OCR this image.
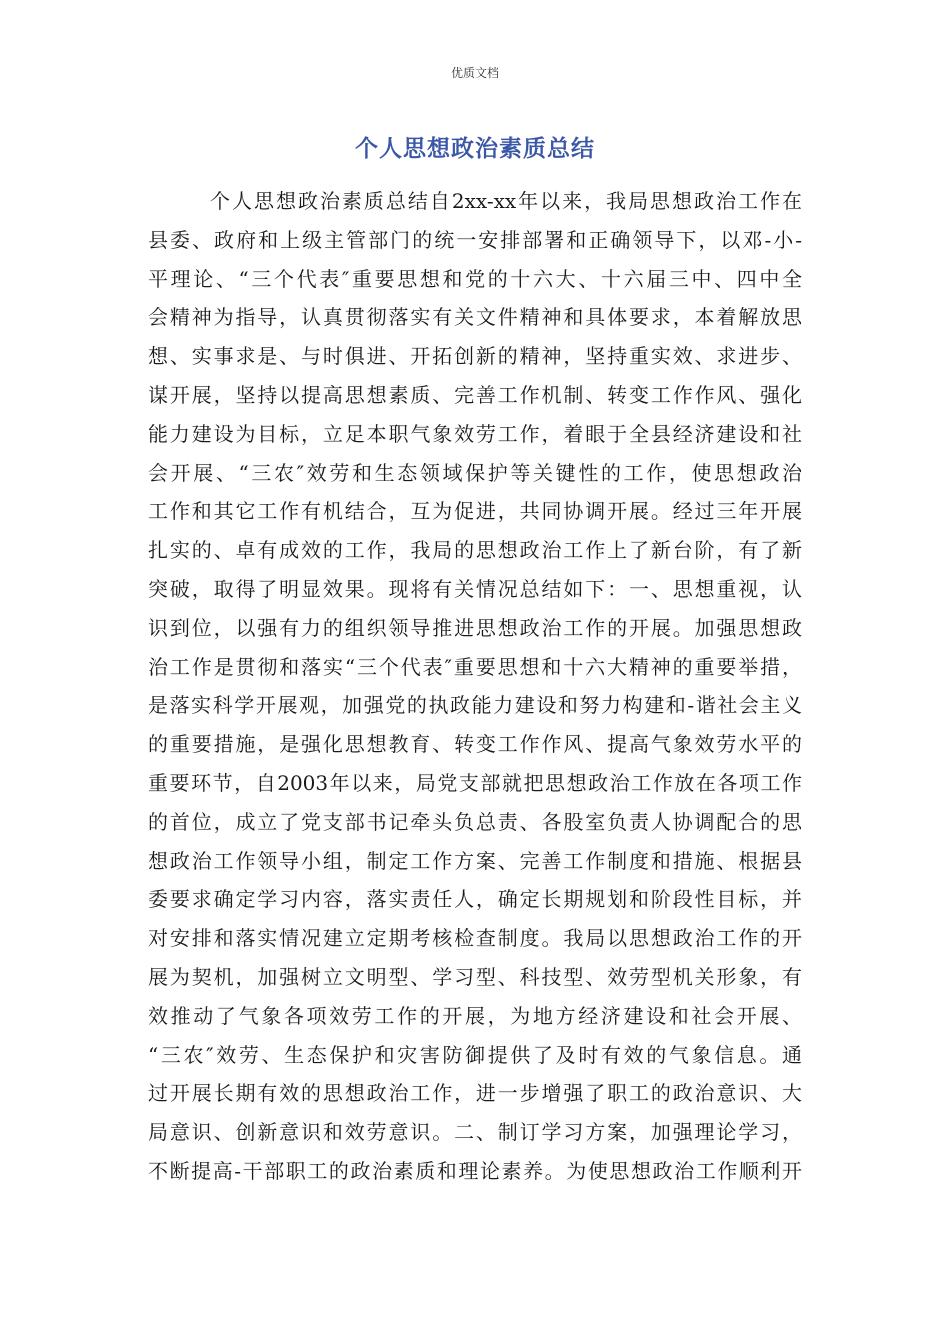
优质文档
个人思想政治素质总结
个人思想政治素质总结自2xx-xx年以来，我局思想政治工作在
县委、政府和上级主管部门的统一安排部署和正确领导下，以邓-小-
平理论、“三个代表″重要思想和党的十六大、十六届三中、四中全
会精神为指导，认真贯彻落实有关文件精神和具体要求，本着解放思
想、实事求是、与时俱进、开拓创新的精神，坚持重实效、求进步、
谋开展，坚持以提高思想素质、完善工作机制、转变工作作风、强化
能力建设为目标，立足本职气象效劳工作，着眼于全县经济建设和社
会开展、“三农″效劳和生态领域保护等关键性的工作，使思想政治
工作和其它工作有机结合，互为促进，共同协调开展。经过三年开展
扎实的、卓有成效的工作，我局的思想政治工作上了新台阶，有了新
突破，取得了明显效果。现将有关情况总结如下：一、思想重视，认
识到位，以强有力的组织领导推进思想政治工作的开展。加强思想政
治工作是贯彻和落实“三个代表″重要思想和十六大精神的重要举措，
是落实科学开展观，加强党的执政能力建设和努力构建和-谐社会主义
的重要措施，是强化思想教育、转变工作作风、提高气象效劳水平的
重要环节，自2003年以来，局党支部就把思想政治工作放在各项工作
的首位，成立了党支部书记牵头负总责、各股室负责人协调配合的思
想政治工作领导小组，制定工作方案、完善工作制度和措施、根据县
委要求确定学习内容，落实责任人，确定长期规划和阶段性目标，并
对安排和落实情况建立定期考核检查制度。我局以思想政治工作的开
展为契机，加强树立文明型、学习型、科技型、效劳型机关形象，有
效推动了气象各项效劳工作的开展，为地方经济建设和社会开展、
“三农″效劳、生态保护和灾害防御提供了及时有效的气象信息。通
过开展长期有效的思想政治工作，进一步增强了职工的政治意识、大
局意识、创新意识和效劳意识。二、制订学习方案，加强理论学习，
不断提高-干部职工的政治素质和理论素养。为使思想政治工作顺利开
